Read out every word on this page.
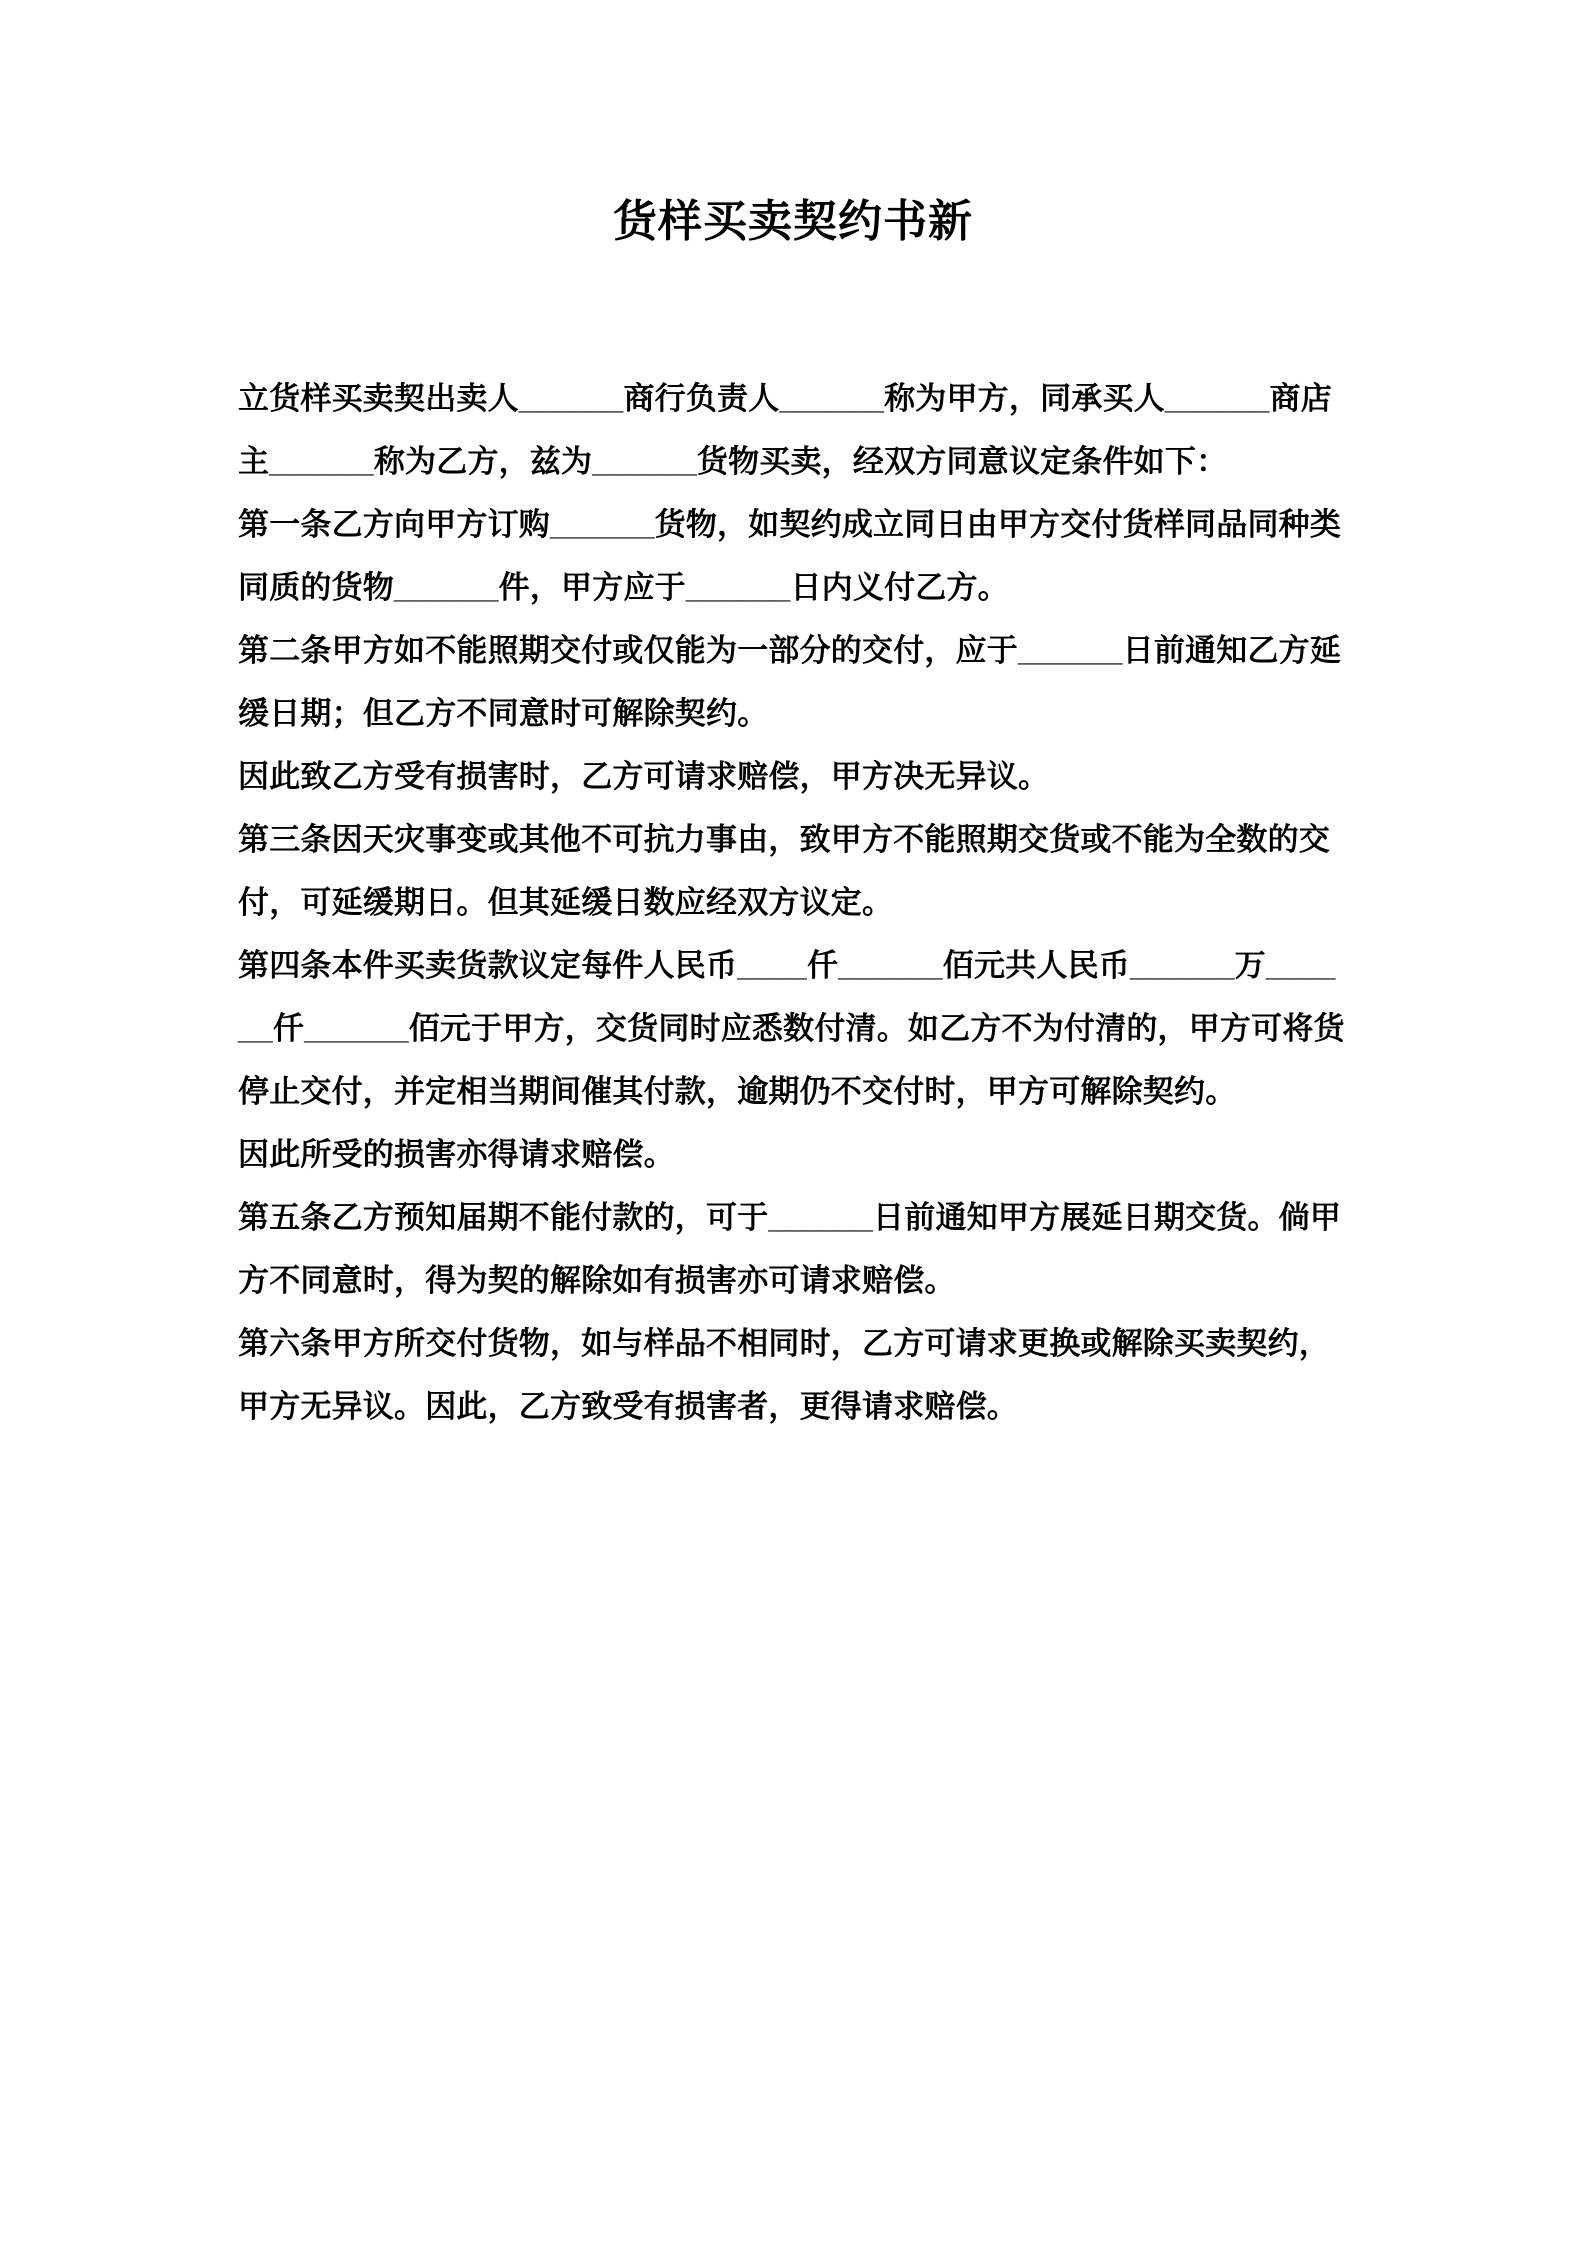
货样买卖契约书新

立货样买卖契出卖人______商行负责人______称为甲方，同承买人______商店主______称为乙方，兹为______货物买卖，经双方同意议定条件如下：

第一条乙方向甲方订购______货物，如契约成立同日由甲方交付货样同品同种类同质的货物______件，甲方应于______日内义付乙方。

第二条甲方如不能照期交付或仅能为一部分的交付，应于______日前通知乙方延缓日期；但乙方不同意时可解除契约。

因此致乙方受有损害时，乙方可请求赔偿，甲方决无异议。

第三条因天灾事变或其他不可抗力事由，致甲方不能照期交货或不能为全数的交付，可延缓期日。但其延缓日数应经双方议定。

第四条本件买卖货款议定每件人民币____仟______佰元共人民币______万______仟______佰元于甲方，交货同时应悉数付清。如乙方不为付清的，甲方可将货停止交付，并定相当期间催其付款，逾期仍不交付时，甲方可解除契约。

因此所受的损害亦得请求赔偿。

第五条乙方预知届期不能付款的，可于______日前通知甲方展延日期交货。倘甲方不同意时，得为契的解除如有损害亦可请求赔偿。

第六条甲方所交付货物，如与样品不相同时，乙方可请求更换或解除买卖契约，甲方无异议。因此，乙方致受有损害者，更得请求赔偿。
